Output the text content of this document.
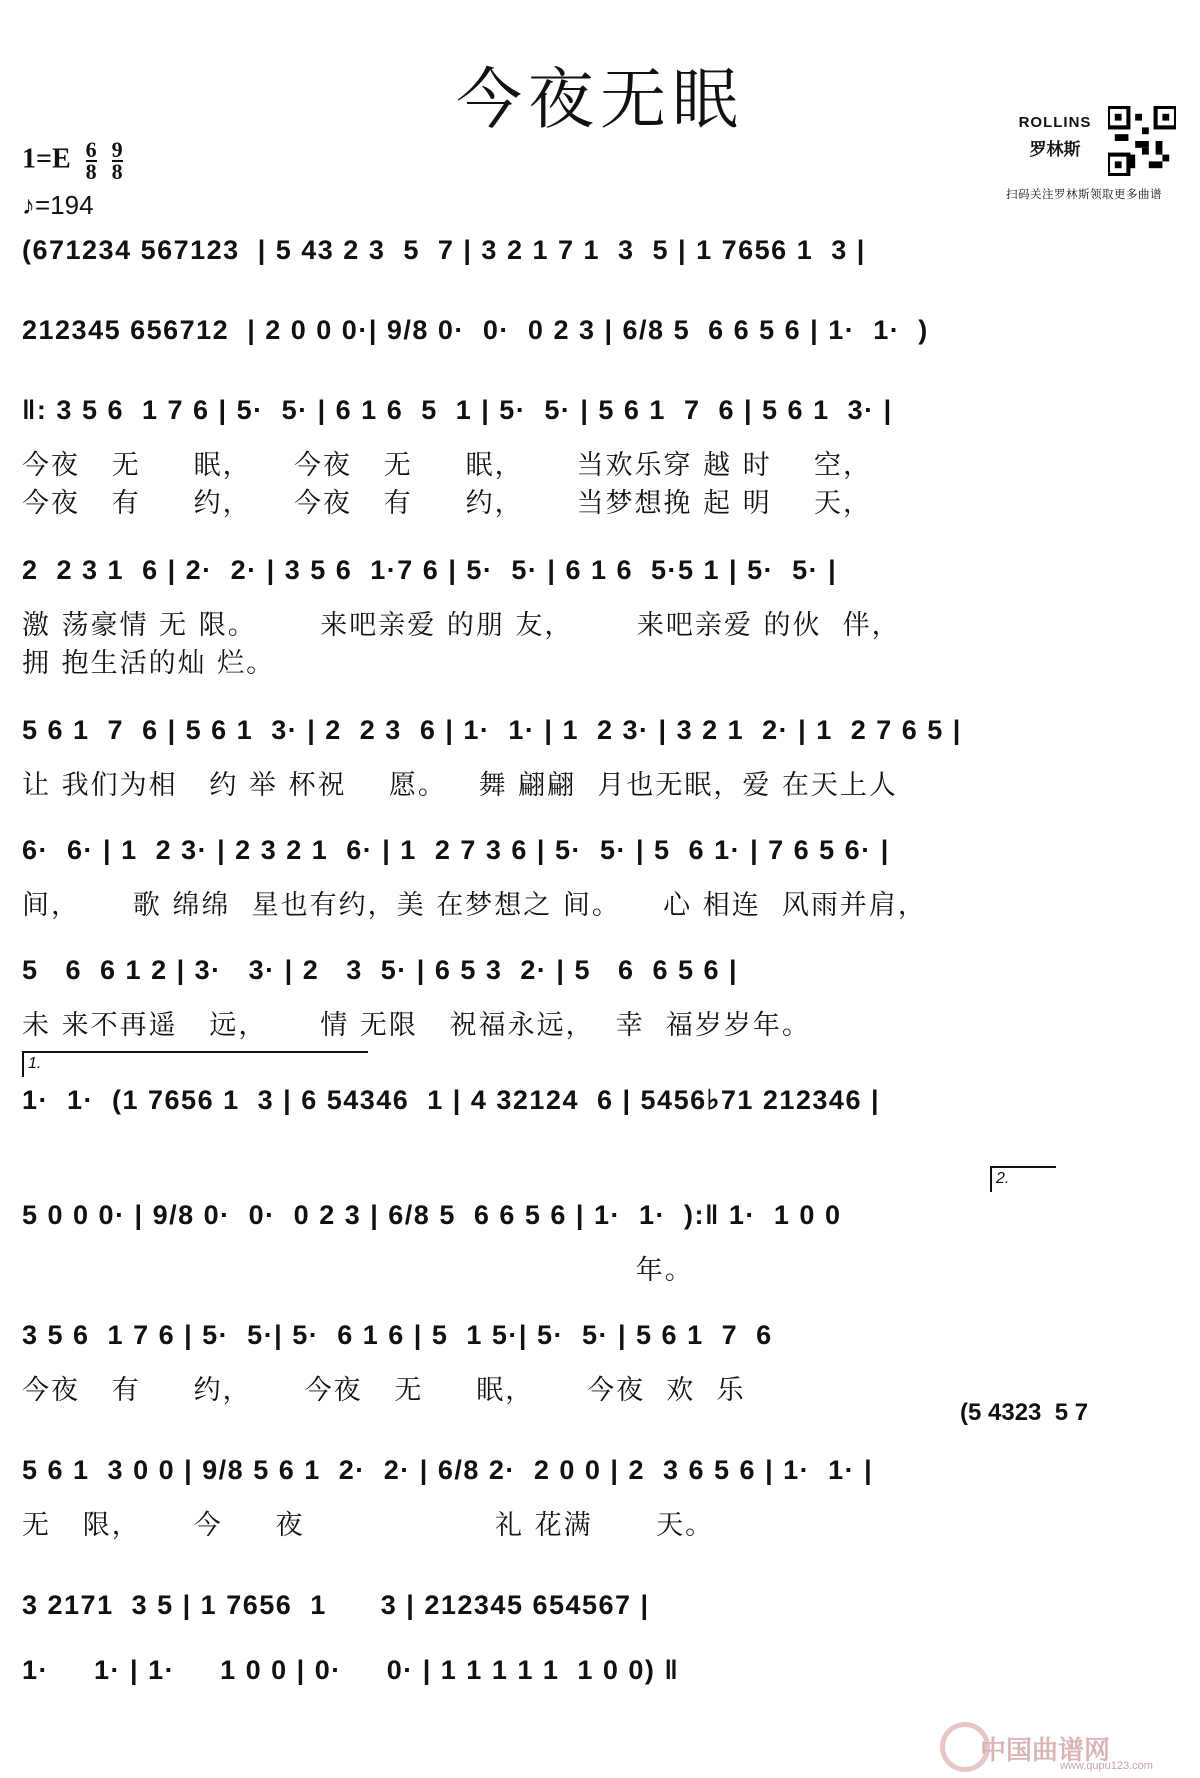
今夜无眠
$1=E \frac{6}{8}$
$\frac{9}{8}$
♪=194
ROLLINS
罗林斯
扫码关注罗林斯领取更多曲谱
(671234 567123  | 5 43 2 3  5  7 | 3 2 1 7 1  3  5 | 1 7656 1  3 |
212345 656712  | 2 0 0 0·| 9/8 0·  0·  0 2 3 | 6/8 5  6 6 5 6 | 1·  1·  )
‖: 3 5 6  1 7 6 | 5·  5· | 6 1 6  5  1 | 5·  5· | 5 6 1  7  6 | 5 6 1  3· |
今夜   无     眠，    今夜   无     眠，     当欢乐穿 越 时    空，
今夜   有     约，    今夜   有     约，     当梦想挽 起 明    天，
2  2 3 1  6 | 2·  2· | 3 5 6  1·7 6 | 5·  5· | 6 1 6  5·5 1 | 5·  5· |
激 荡豪情 无 限。      来吧亲爱 的朋 友，      来吧亲爱 的伙  伴，
拥 抱生活的灿 烂。
5 6 1  7  6 | 5 6 1  3· | 2  2 3  6 | 1·  1· | 1  2 3· | 3 2 1  2· | 1  2 7 6 5 |
让 我们为相   约 举 杯祝    愿。   舞 翩翩  月也无眠，爱 在天上人
6·  6· | 1  2 3· | 2 3 2 1  6· | 1  2 7 3 6 | 5·  5· | 5  6 1· | 7 6 5 6· |
间，     歌 绵绵  星也有约，美 在梦想之 间。    心 相连  风雨并肩，
5   6  6 1 2 | 3·   3· | 2   3  5· | 6 5 3  2· | 5   6  6 5 6 |
未 来不再遥   远，     情 无限   祝福永远，  幸  福岁岁年。
1·  1·  (1 7656 1  3 | 6 54346  1 | 4 32124  6 | 5456♭71 212346 |
1.
5 0 0 0· | 9/8 0·  0·  0 2 3 | 6/8 5  6 6 5 6 | 1·  1·  ):‖ 1·  1 0 0
2.
年。
3 5 6  1 7 6 | 5·  5·| 5·  6 1 6 | 5  1 5·| 5·  5· | 5 6 1  7  6
今夜   有     约，     今夜   无     眠，     今夜  欢  乐
5 6 1  3 0 0 | 9/8 5 6 1  2·  2· | 6/8 2·  2 0 0 | 2  3 6 5 6 | 1·  1· |
(5 4323  5 7
无   限，     今     夜                  礼 花满      天。
3 2171  3 5 | 1 7656  1      3 | 212345 654567 |
1·     1· | 1·     1 0 0 | 0·     0· | 1 1 1 1 1  1 0 0) ‖
中国曲谱网
www.qupu123.com
